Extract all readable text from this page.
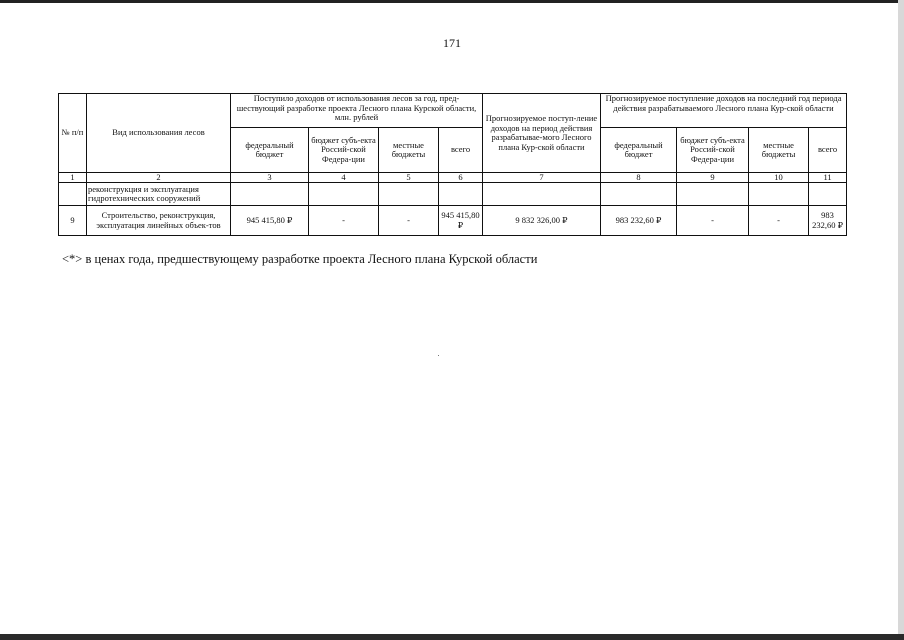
171
№ п/п	Вид использования лесов	Поступило доходов от использования лесов за год, пред-шествующий разработке проекта Лесного плана Курской области, млн. рублей				Прогнозируемое поступ-ление доходов на период действия разрабатывае-мого Лесного плана Кур-ской области	Прогнозируемое поступление доходов на последний год периода действия разрабатываемого Лесного плана Кур-ской области			
		федеральный бюджет	бюджет субъ-екта Россий-ской Федера-ции	местные бюджеты	всего		федеральный бюджет	бюджет субъ-екта Россий-ской Федера-ции	местные бюджеты	всего
1	2	3	4	5	6	7	8	9	10	11
	реконструкция и эксплуатация гидротехнических сооружений									
9	Строительство, реконструкция, эксплуатация линейных объек-тов	945 415,80 ₽	-	-	945 415,80 ₽	9 832 326,00 ₽	983 232,60 ₽	-	-	983 232,60 ₽
<*> в ценах года, предшествующему разработке проекта Лесного плана Курской области
